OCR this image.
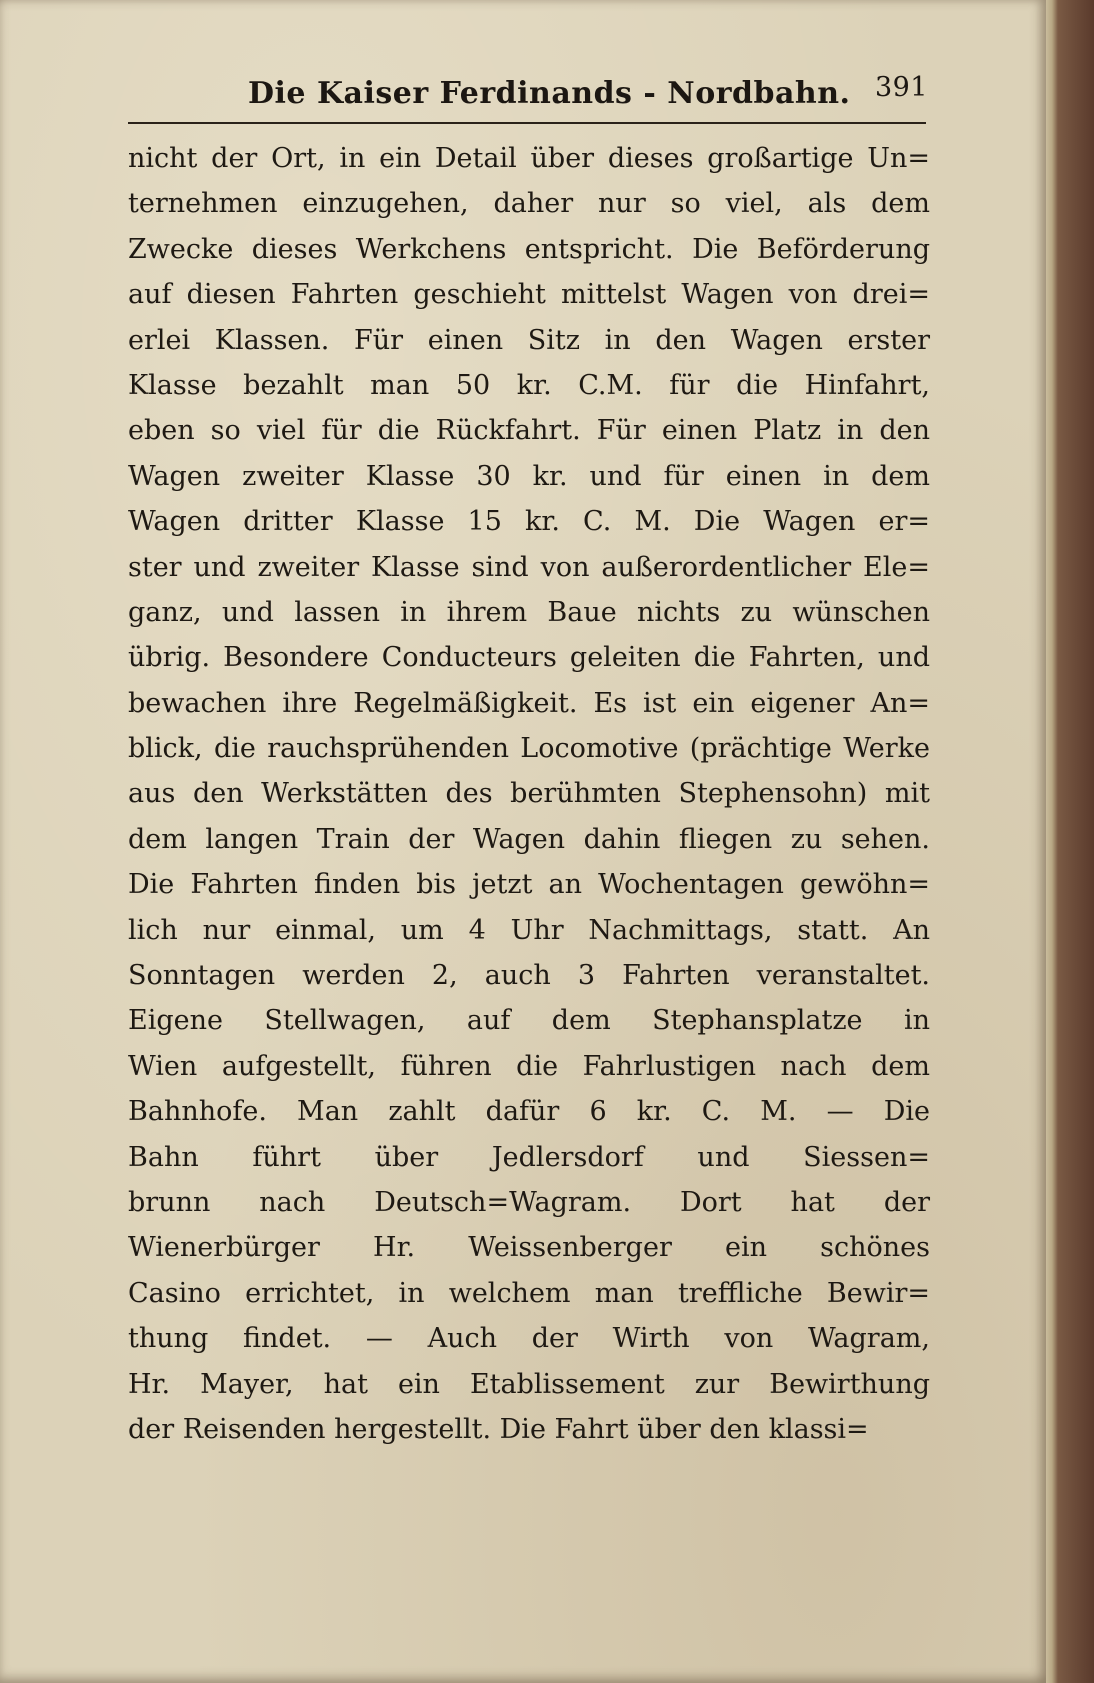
Die Kaiser Ferdinands - Nordbahn. 391
nicht der Ort, in ein Detail über dieses großartige Un=
ternehmen einzugehen, daher nur so viel, als dem
Zwecke dieses Werkchens entspricht. Die Beförderung
auf diesen Fahrten geschieht mittelst Wagen von drei=
erlei Klassen. Für einen Sitz in den Wagen erster
Klasse bezahlt man 50 kr. C.M. für die Hinfahrt,
eben so viel für die Rückfahrt. Für einen Platz in den
Wagen zweiter Klasse 30 kr. und für einen in dem
Wagen dritter Klasse 15 kr. C. M. Die Wagen er=
ster und zweiter Klasse sind von außerordentlicher Ele=
ganz, und lassen in ihrem Baue nichts zu wünschen
übrig. Besondere Conducteurs geleiten die Fahrten, und
bewachen ihre Regelmäßigkeit. Es ist ein eigener An=
blick, die rauchsprühenden Locomotive (prächtige Werke
aus den Werkstätten des berühmten Stephensohn) mit
dem langen Train der Wagen dahin fliegen zu sehen.
Die Fahrten finden bis jetzt an Wochentagen gewöhn=
lich nur einmal, um 4 Uhr Nachmittags, statt. An
Sonntagen werden 2, auch 3 Fahrten veranstaltet.
Eigene Stellwagen, auf dem Stephansplatze in
Wien aufgestellt, führen die Fahrlustigen nach dem
Bahnhofe. Man zahlt dafür 6 kr. C. M. — Die
Bahn führt über Jedlersdorf und Siessen=
brunn nach Deutsch=Wagram. Dort hat der
Wienerbürger Hr. Weissenberger ein schönes
Casino errichtet, in welchem man treffliche Bewir=
thung findet. — Auch der Wirth von Wagram,
Hr. Mayer, hat ein Etablissement zur Bewirthung
der Reisenden hergestellt. Die Fahrt über den klassi=
